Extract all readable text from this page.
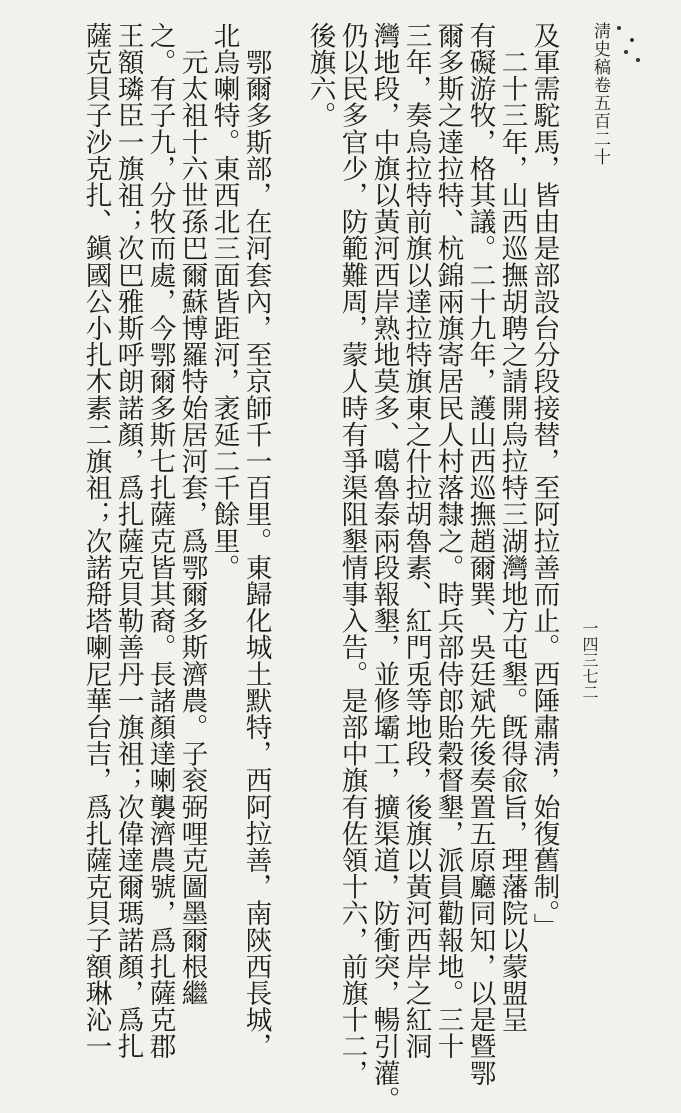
淸史稿卷五百二十
一四三七二
及軍需駝馬，皆由是部設台分段接替，至阿拉善而止。西陲肅淸，始復舊制。」
　二十三年，山西巡撫胡聘之請開烏拉特三湖灣地方屯墾。旣得兪旨，理藩院以蒙盟呈
有礙游牧，格其議。二十九年，護山西巡撫趙爾巽、吳廷斌先後奏置五原廳同知，以是暨鄂
爾多斯之達拉特、杭錦兩旗寄居民人村落隸之。時兵部侍郎貽穀督墾，派員勸報地。三十
三年，奏烏拉特前旗以達拉特旗東之什拉胡魯素、紅門兎等地段，後旗以黃河西岸之紅洞
灣地段，中旗以黃河西岸熟地莫多、噶魯泰兩段報墾，並修壩工，擴渠道，防衝突，暢引灌。
仍以民多官少，防範難周，蒙人時有爭渠阻墾情事入告。是部中旗有佐領十六，前旗十二，
後旗六。
　鄂爾多斯部，在河套內，至京師千一百里。東歸化城土默特，西阿拉善，南陝西長城，
北烏喇特。東西北三面皆距河，袤延二千餘里。
　元太祖十六世孫巴爾蘇博羅特始居河套，爲鄂爾多斯濟農。子衮弼哩克圖墨爾根繼
之。有子九，分牧而處，今鄂爾多斯七扎薩克皆其裔。長諸顏達喇襲濟農號，爲扎薩克郡
王額璘臣一旗祖；次巴雅斯呼朗諾顏，爲扎薩克貝勒善丹一旗祖；次偉達爾瑪諾顏，爲扎
薩克貝子沙克扎、鎭國公小扎木素二旗祖；次諾搿塔喇尼華台吉，爲扎薩克貝子額琳沁一
